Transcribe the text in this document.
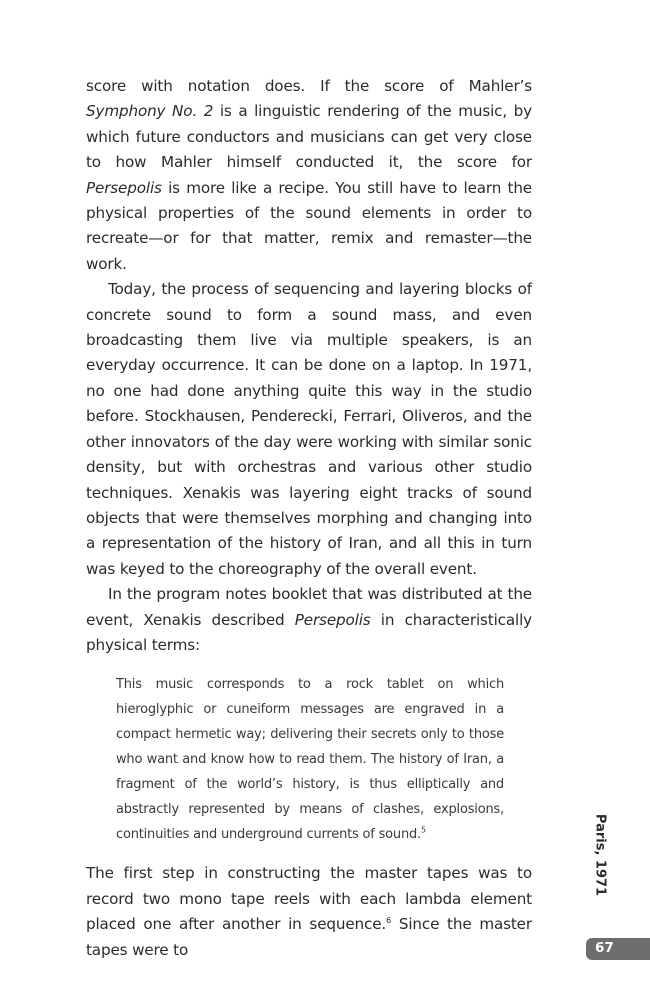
score with notation does. If the score of Mahler’s Symphony No. 2 is a linguistic rendering of the music, by which future conductors and musicians can get very close to how Mahler himself conducted it, the score for Persepolis is more like a recipe. You still have to learn the physical properties of the sound elements in order to recreate—or for that matter, remix and remaster—the work.

Today, the process of sequencing and layering blocks of concrete sound to form a sound mass, and even broadcasting them live via multiple speakers, is an everyday occurrence. It can be done on a laptop. In 1971, no one had done anything quite this way in the studio before. Stockhausen, Penderecki, Ferrari, Oliveros, and the other innovators of the day were working with similar sonic density, but with orchestras and various other studio techniques. Xenakis was layering eight tracks of sound objects that were themselves morphing and changing into a representation of the history of Iran, and all this in turn was keyed to the choreography of the overall event.

In the program notes booklet that was distributed at the event, Xenakis described Persepolis in characteristically physical terms:

This music corresponds to a rock tablet on which hieroglyphic or cuneiform messages are engraved in a compact hermetic way; delivering their secrets only to those who want and know how to read them. The history of Iran, a fragment of the world’s history, is thus elliptically and abstractly represented by means of clashes, explosions, continuities and underground currents of sound.$^5$

The first step in constructing the master tapes was to record two mono tape reels with each lambda element placed one after another in sequence.$^6$ Since the master tapes were to

Paris, 1971
67
